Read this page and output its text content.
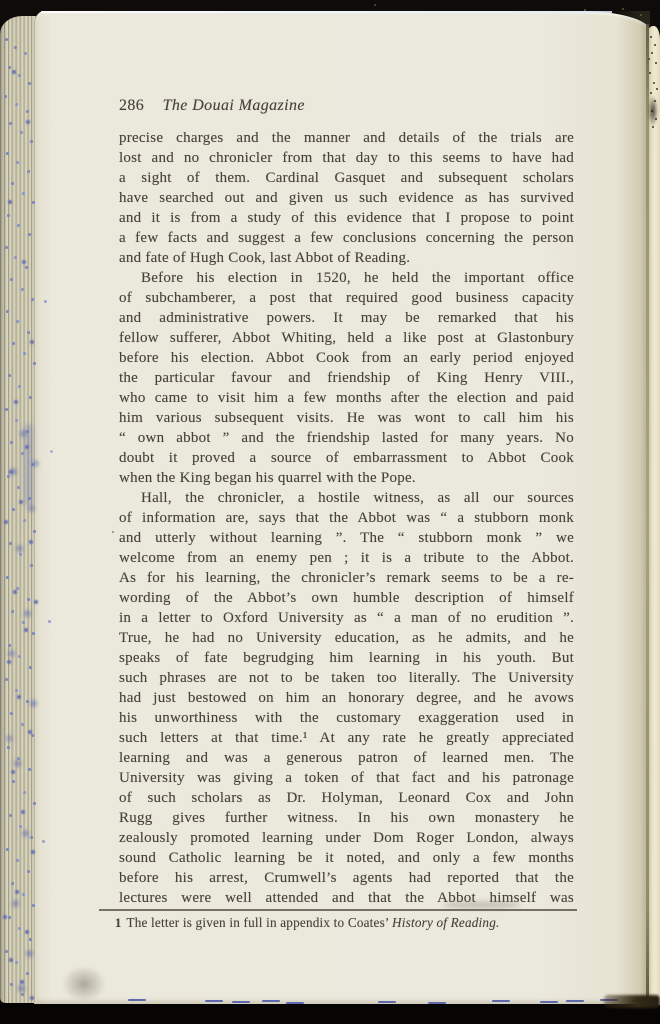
286 The Douai Magazine
precise charges and the manner and details of the trials are
lost and no chronicler from that day to this seems to have had
a sight of them. Cardinal Gasquet and subsequent scholars
have searched out and given us such evidence as has survived
and it is from a study of this evidence that I propose to point
a few facts and suggest a few conclusions concerning the person
and fate of Hugh Cook, last Abbot of Reading.
Before his election in 1520, he held the important office
of subchamberer, a post that required good business capacity
and administrative powers. It may be remarked that his
fellow sufferer, Abbot Whiting, held a like post at Glastonbury
before his election. Abbot Cook from an early period enjoyed
the particular favour and friendship of King Henry VIII.,
who came to visit him a few months after the election and paid
him various subsequent visits. He was wont to call him his
“ own abbot ” and the friendship lasted for many years. No
doubt it proved a source of embarrassment to Abbot Cook
when the King began his quarrel with the Pope.
Hall, the chronicler, a hostile witness, as all our sources
of information are, says that the Abbot was “ a stubborn monk
and utterly without learning ”. The “ stubborn monk ” we
welcome from an enemy pen ; it is a tribute to the Abbot.
As for his learning, the chronicler’s remark seems to be a re-
wording of the Abbot’s own humble description of himself
in a letter to Oxford University as “ a man of no erudition ”.
True, he had no University education, as he admits, and he
speaks of fate begrudging him learning in his youth. But
such phrases are not to be taken too literally. The University
had just bestowed on him an honorary degree, and he avows
his unworthiness with the customary exaggeration used in
such letters at that time.¹ At any rate he greatly appreciated
learning and was a generous patron of learned men. The
University was giving a token of that fact and his patronage
of such scholars as Dr. Holyman, Leonard Cox and John
Rugg gives further witness. In his own monastery he
zealously promoted learning under Dom Roger London, always
sound Catholic learning be it noted, and only a few months
before his arrest, Crumwell’s agents had reported that the
lectures were well attended and that the Abbot himself was
1 The letter is given in full in appendix to Coates’ History of Reading.
